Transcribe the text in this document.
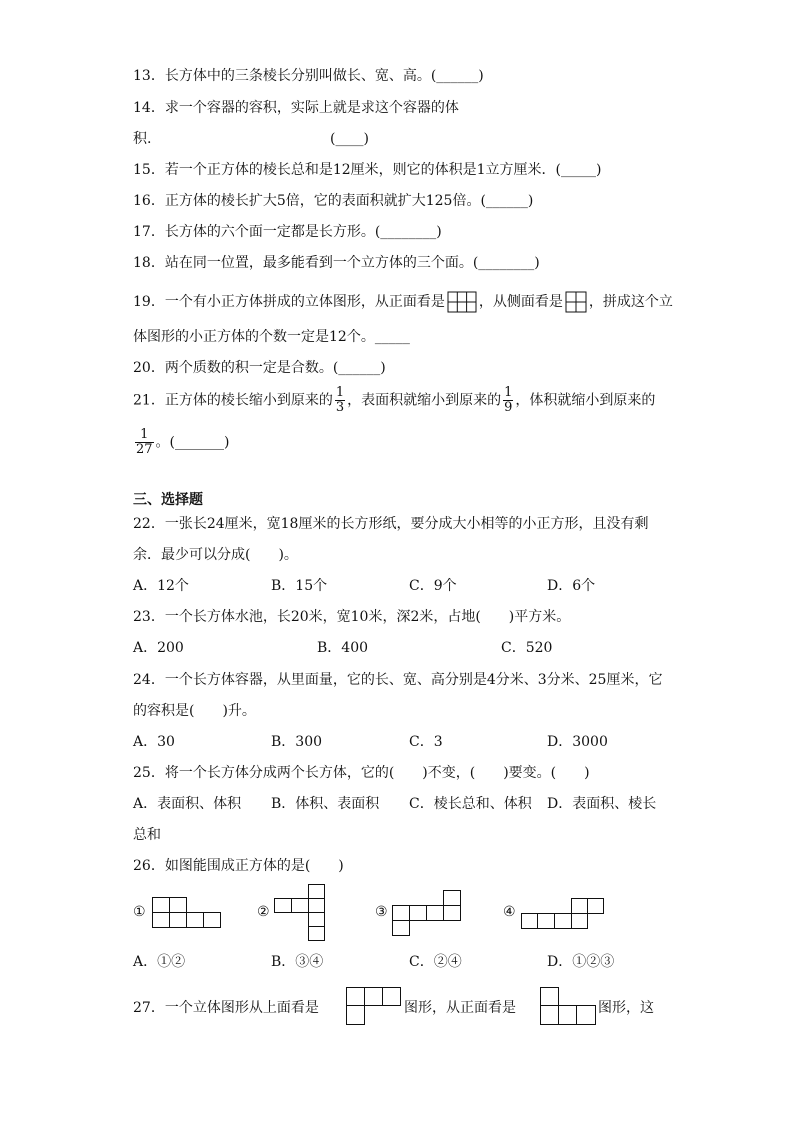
13．长方体中的三条棱长分别叫做长、宽、高。(______)
14．求一个容器的容积，实际上就是求这个容器的体
积.	(____)
15．若一个正方体的棱长总和是12厘米，则它的体积是1立方厘米．(_____)
16．正方体的棱长扩大5倍，它的表面积就扩大125倍。(______)
17．长方体的六个面一定都是长方形。(________)
18．站在同一位置，最多能看到一个立方体的三个面。(________)
19．一个有小正方体拼成的立体图形，从正面看是 ，从侧面看是 ，拼成这个立
体图形的小正方体的个数一定是12个。_____
20．两个质数的积一定是合数。(______)
21．正方体的棱长缩小到原来的 $\frac{1}{3}$ ，表面积就缩小到原来的 $\frac{1}{9}$ ，体积就缩小到原来的
$\frac{1}{27}$ 。(_______)
三、选择题
22．一张长24厘米，宽18厘米的长方形纸，要分成大小相等的小正方形，且没有剩
余．最少可以分成(　　)。
A．12个	B．15个	C．9个	D．6个
23．一个长方体水池，长20米，宽10米，深2米，占地(　　)平方米。
A．200	B．400	C．520
24．一个长方体容器，从里面量，它的长、宽、高分别是4分米、3分米、25厘米，它
的容积是(　　)升。
A．30	B．300	C．3	D．3000
25．将一个长方体分成两个长方体，它的(　　)不变，(　　)要变。(　　)
A．表面积、体积 B．体积、表面积 C．棱长总和、体积 D．表面积、棱长
总和
26．如图能围成正方体的是(　　)
①	②	③	④
A．①②	B．③④	C．②④	D．①②③
27．一个立体图形从上面看是	图形，从正面看是	图形，这
